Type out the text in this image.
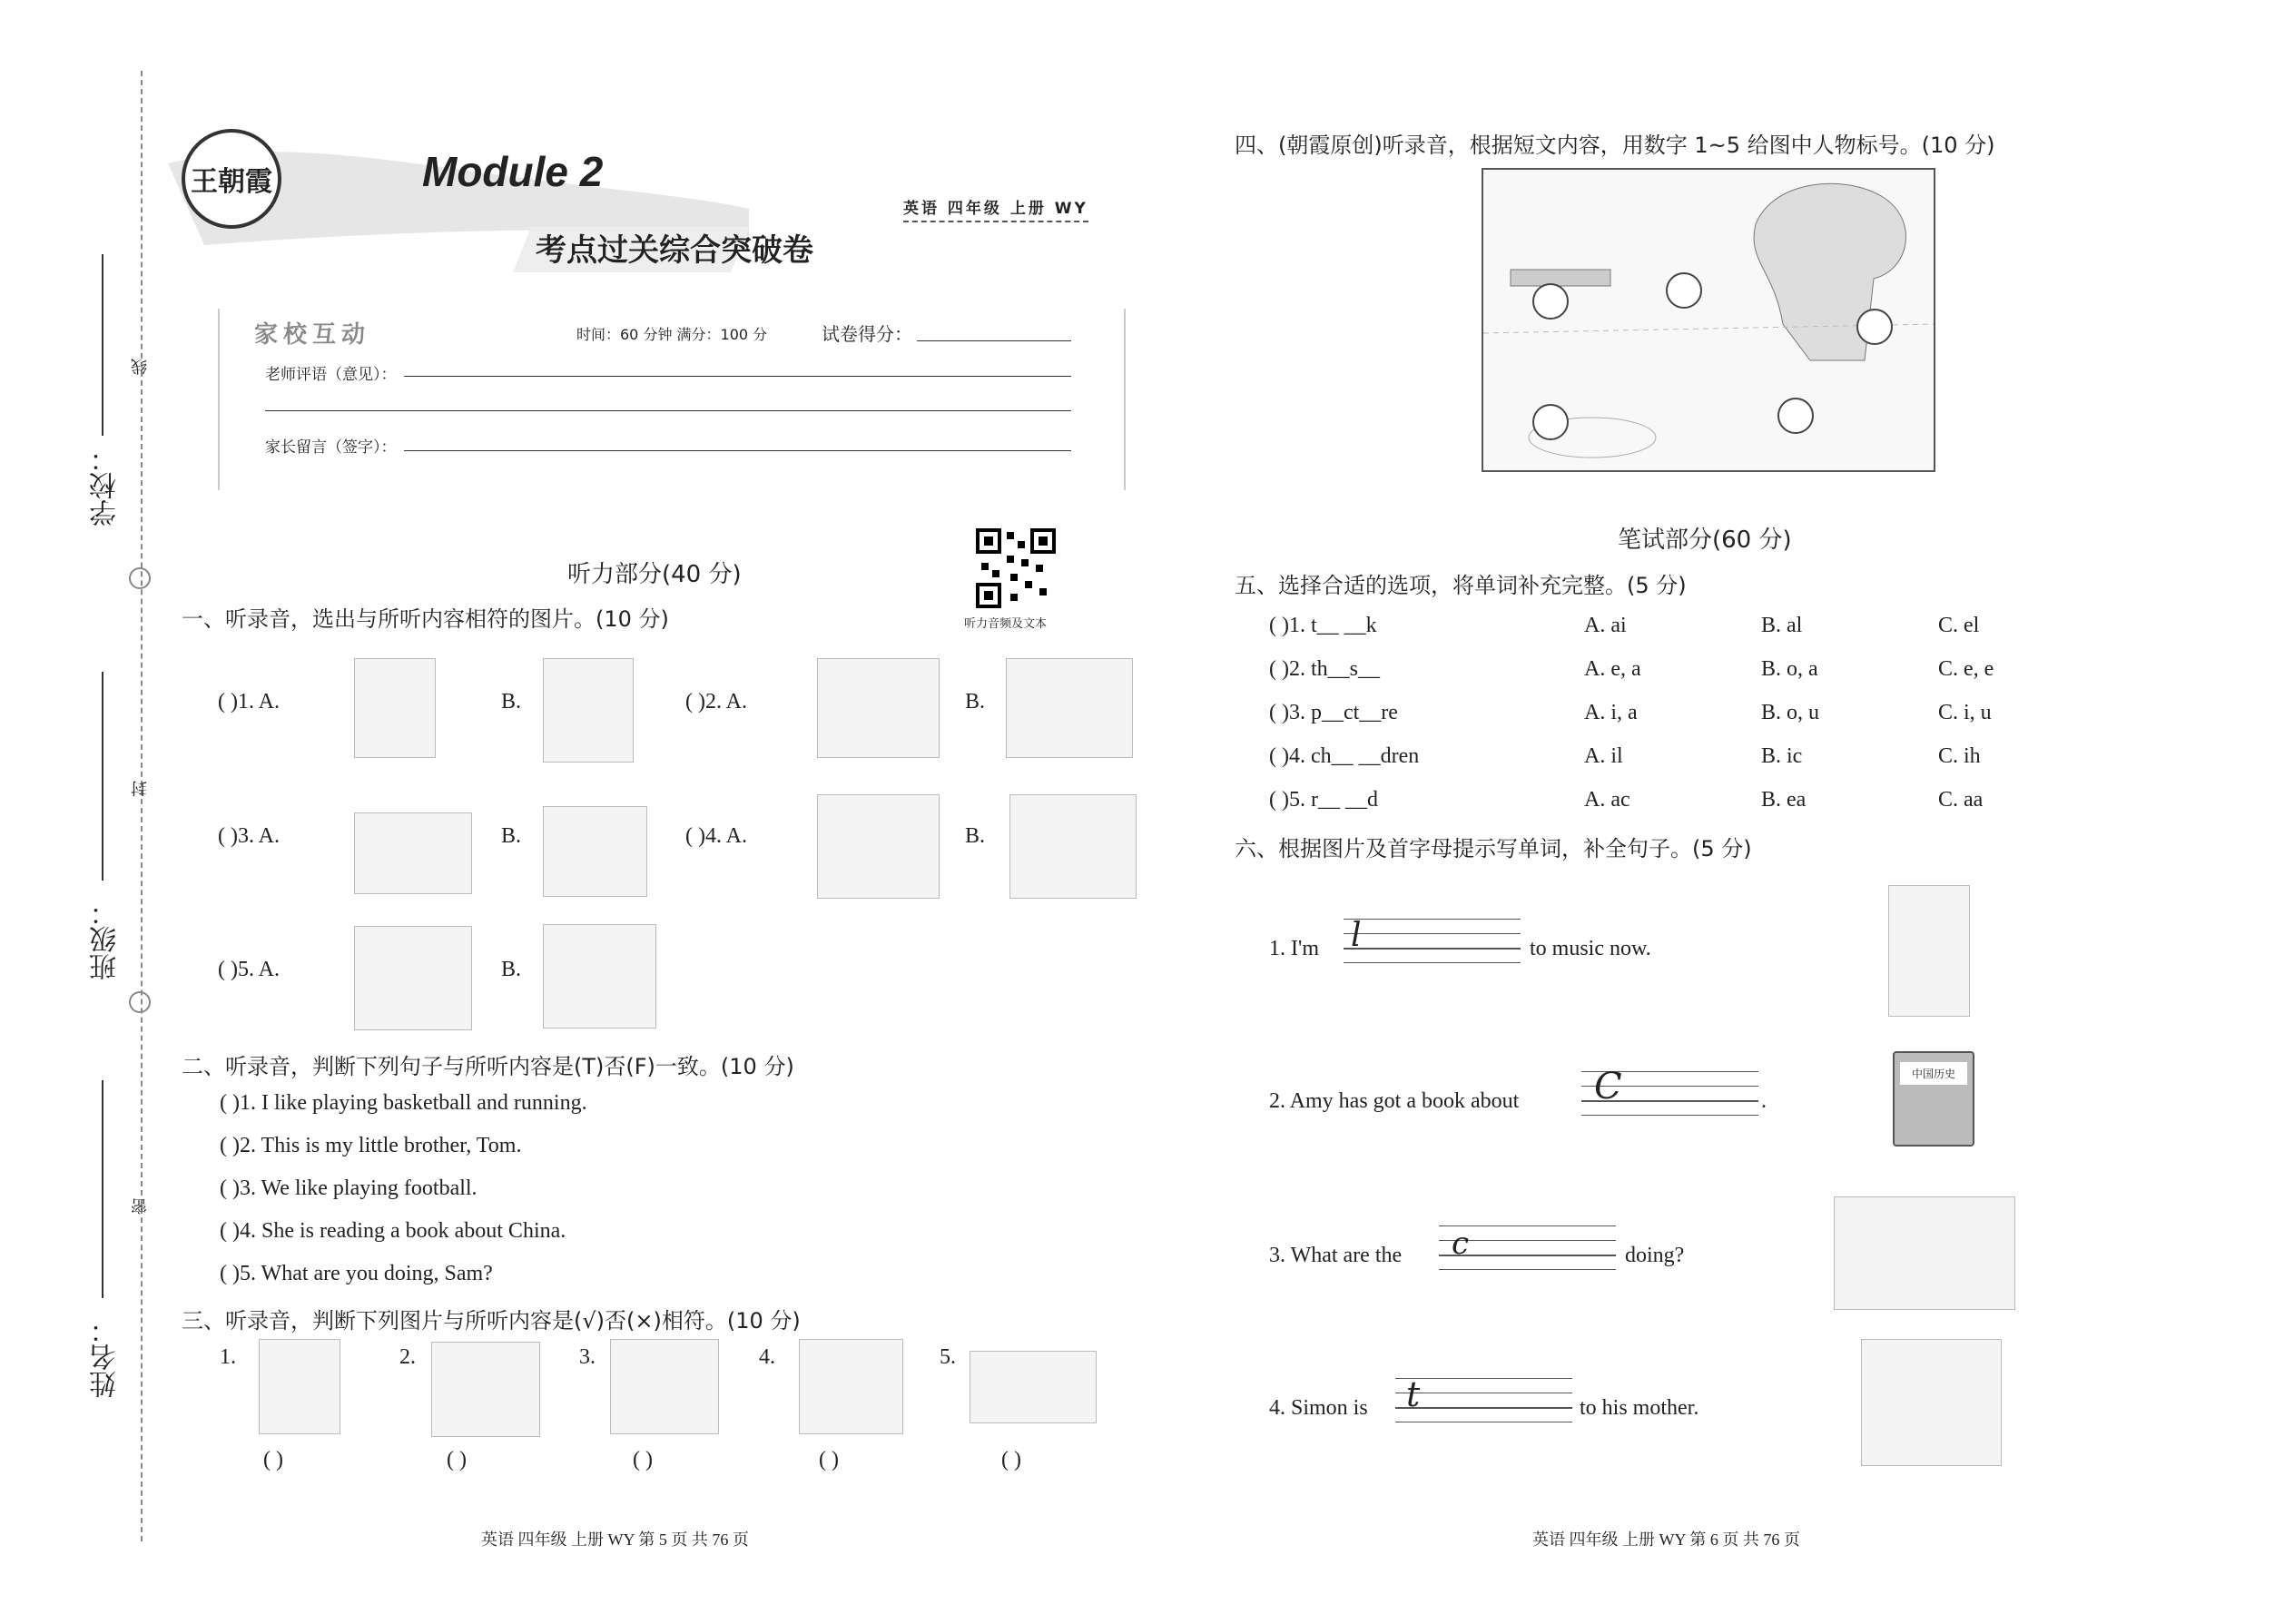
学校：
班级：
姓名：
线
封
密
王朝霞	Module 2
考点过关综合突破卷
英语 四年级 上册 WY
家校互动	时间：60 分钟 满分：100 分	试卷得分：
老师评语（意见）：
家长留言（签字）：
听力音频及文本
听力部分(40 分)
一、听录音，选出与所听内容相符的图片。(10 分)
( )1. A.	B.	( )2. A.	B.
( )3. A.	B.	( )4. A.	B.
( )5. A.	B.
二、听录音，判断下列句子与所听内容是(T)否(F)一致。(10 分)
( )1. I like playing basketball and running.
( )2. This is my little brother, Tom.
( )3. We like playing football.
( )4. She is reading a book about China.
( )5. What are you doing, Sam?
三、听录音，判断下列图片与所听内容是(√)否(×)相符。(10 分)
1.	2.	3.	4.	5.
( )	( )	( )	( )	( )
英语 四年级 上册 WY 第 5 页 共 76 页
四、(朝霞原创)听录音，根据短文内容，用数字 1~5 给图中人物标号。(10 分)
笔试部分(60 分)
五、选择合适的选项，将单词补充完整。(5 分)
( )1. t__ __k	A. ai	B. al	C. el
( )2. th__s__	A. e, a	B. o, a	C. e, e
( )3. p__ct__re	A. i, a	B. o, u	C. i, u
( )4. ch__ __dren	A. il	B. ic	C. ih
( )5. r__ __d	A. ac	B. ea	C. aa
六、根据图片及首字母提示写单词，补全句子。(5 分)
1. I'm l	to music now.
2. Amy has got a book about C	.
中国历史
3. What are the c	doing?
4. Simon is t	to his mother.
英语 四年级 上册 WY 第 6 页 共 76 页
